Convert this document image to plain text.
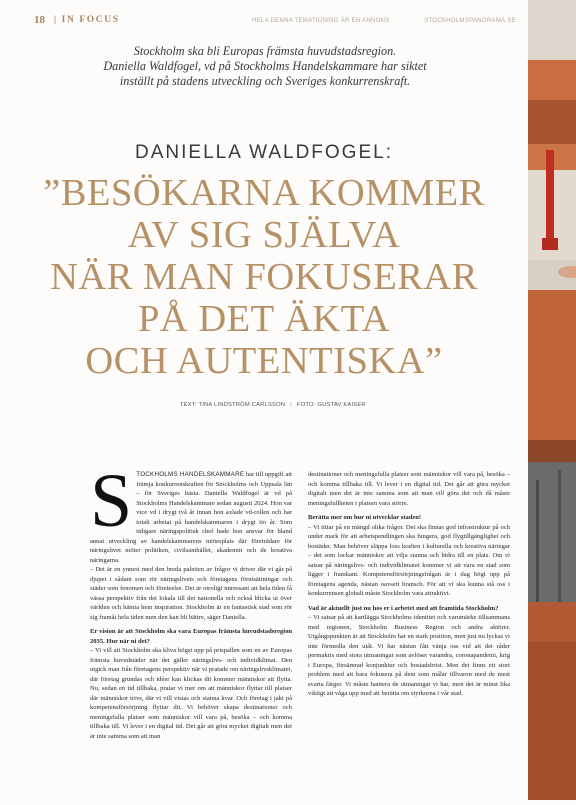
18 | IN FOCUS	HELA DENNA TEMATIDNING ÄR EN ANNONS	STOCKHOLMSPANORAMA.SE
Stockholm ska bli Europas främsta huvudstadsregion.
Daniella Waldfogel, vd på Stockholms Handelskammare har siktet
inställt på stadens utveckling och Sveriges konkurrenskraft.
DANIELLA WALDFOGEL:
”BESÖKARNA KOMMER
AV SIG SJÄLVA
NÄR MAN FOKUSERAR
PÅ DET ÄKTA
OCH AUTENTISKA”
TEXT: TINA LINDSTRÖM CARLSSON | FOTO: GUSTAV KAISER

STOCKHOLMS HANDELSKAMMARE har till uppgift att främja konkurrenskraften för Stockholms och Uppsala län – för Sveriges bästa. Daniella Waldfogel är vd på Stockholms Handelskammare sedan augusti 2024. Hon var vice vd i drygt två år innan hon axlade vd-rollen och har totalt arbetat på handelskammaren i drygt tio år. Som tidigare näringspolitisk chef hade hon ansvar för bland annat utveckling av handelskammarens mötesplats där företrädare för näringslivet möter politiken, civilsamhället, akademin och de kreativa näringarna.

– Det är en ynnest med den breda paletten av frågor vi driver där vi går på djupet i sådant som rör näringslivets och företagens förutsättningar och städer som fenomen och företeelse. Det är otroligt intressant att hela tiden få vässa perspektiv från det lokala till det nationella och också blicka ut över världen och hämta hem inspiration. Stockholm är en fantastisk stad som rör sig framåt hela tiden men den kan bli bättre, säger Daniella.

Er vision är att Stockholm ska vara Europas främsta huvudstadsregion 2035. Hur når ni det?

– Vi vill att Stockholm ska kliva högst upp på prispallen som en av Europas främsta huvudstäder när det gäller näringslivs- och individklimat. Den utgick man från företagens perspektiv när vi pratade om näringslivsklimatet, där företag grundas och idéer kan klickas dit kommer människor att flytta. Nu, sedan en tid tillbaka, pratar vi mer om att människor flyttar till platser där människor trivs, där vi vill vistas och stanna kvar. Och företag i jakt på kompetensförsörjning flyttar dit. Vi behöver skapa destinationer och meningsfulla platser som människor vill vara på, besöka – och komma tillbaka till. Vi lever i en digital tid. Det går att göra mycket digitalt men det är inte samma som att man

destinationer och meningsfulla platser som människor vill vara på, besöka – och komma tillbaka till. Vi lever i en digital tid. Det går att göra mycket digitalt men det är inte samma som att man vill göra det och då måste meningsfullheten i platsen vara större.

Berätta mer om hur ni utvecklar staden!

– Vi tittar på en mängd olika frågor. Det ska finnas god infrastruktur på och under mark för att arbetspendlingen ska fungera, god flygtillgänglighet och bostäder. Man behöver släppa loss kraften i kulturella och kreativa näringar – det som lockar människor att vilja stanna och bidra till en plats. Om vi satsar på näringslivs- och individklimatet kommer vi att vara en stad som ligger i framkant. Kompetensförsörjningsfrågan är i dag högt upp på företagens agenda, nästan oavsett bransch. För att vi ska kunna stå oss i konkurrensen globalt måste Stockholm vara attraktivt.

Vad är aktuellt just nu hos er i arbetet med att framtida Stockholm?

– Vi satsar på att kartlägga Stockholms identitet och varumärke tillsammans med regionen, Stockholm Business Region och andra aktörer. Utgångspunkten är att Stockholm har en stark position, men just nu lyckas vi inte förmedla den utåt. Vi har nästan fått vänja oss vid att det råder permakris med stora utmaningar som avlöser varandra, coronapandemi, krig i Europa, försämrad konjunktur och bostadsbrist. Men det finns ett stort problem med att bara fokusera på dem som målar tillvaron med de mest svarta färger. Vi måste hantera de utmaningar vi har, men det är minst lika viktigt att våga upp med att berätta om styrkorna i vår stad.
